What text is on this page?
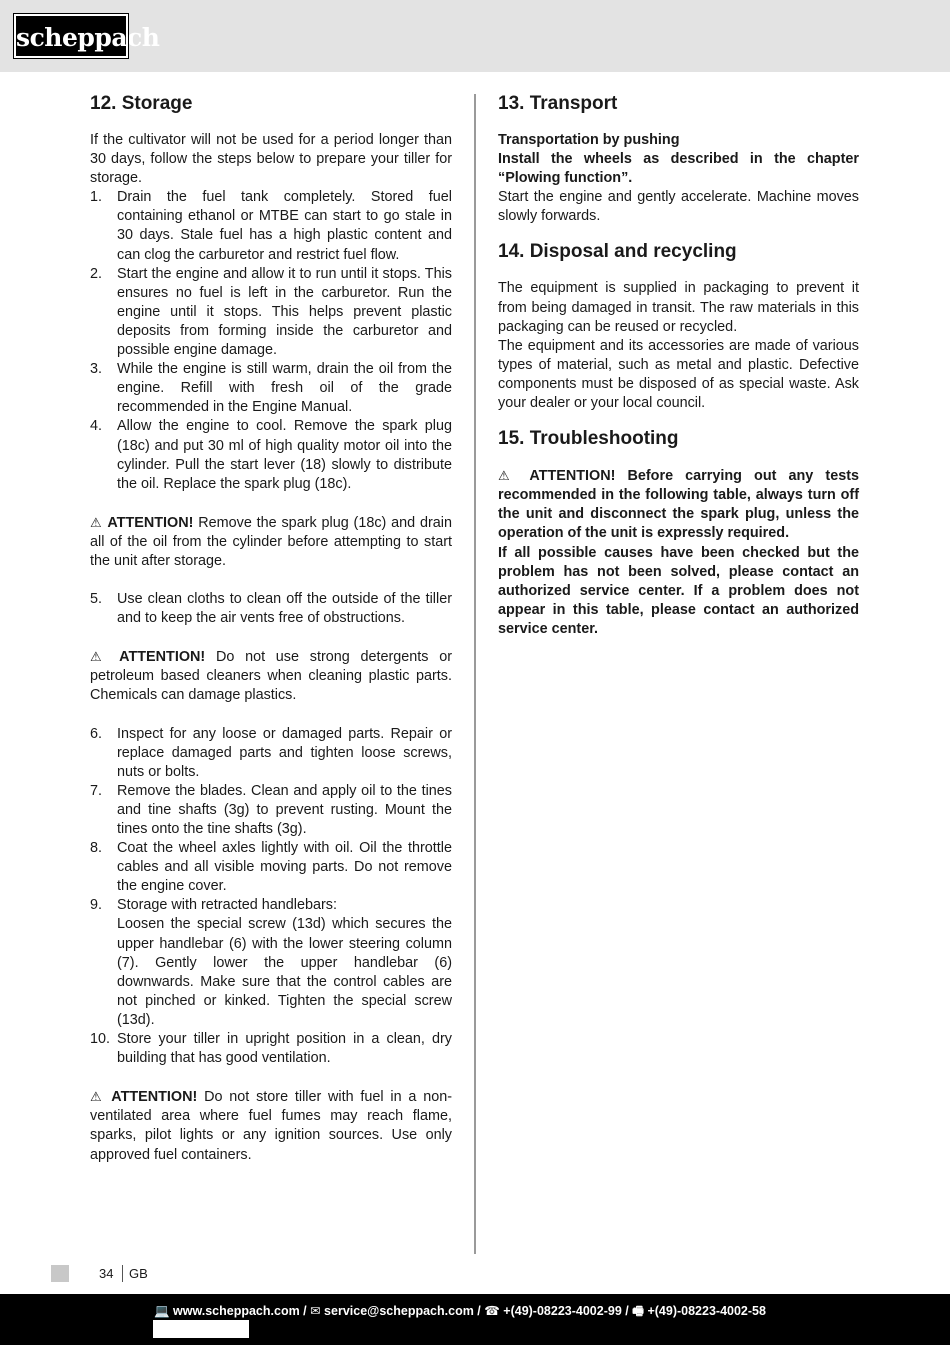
scheppach
12. Storage

If the cultivator will not be used for a period longer than 30 days, follow the steps below to prepare your tiller for storage.

1. Drain the fuel tank completely. Stored fuel containing ethanol or MTBE can start to go stale in 30 days. Stale fuel has a high plastic content and can clog the carburetor and restrict fuel flow.
2. Start the engine and allow it to run until it stops. This ensures no fuel is left in the carburetor. Run the engine until it stops. This helps prevent plastic deposits from forming inside the carburetor and possible engine damage.
3. While the engine is still warm, drain the oil from the engine. Refill with fresh oil of the grade recommended in the Engine Manual.
4. Allow the engine to cool. Remove the spark plug (18c) and put 30 ml of high quality motor oil into the cylinder. Pull the start lever (18) slowly to distribute the oil. Replace the spark plug (18c).

⚠ ATTENTION! Remove the spark plug (18c) and drain all of the oil from the cylinder before attempting to start the unit after storage.

5. Use clean cloths to clean off the outside of the tiller and to keep the air vents free of obstructions.

⚠ ATTENTION! Do not use strong detergents or petroleum based cleaners when cleaning plastic parts. Chemicals can damage plastics.

6. Inspect for any loose or damaged parts. Repair or replace damaged parts and tighten loose screws, nuts or bolts.
7. Remove the blades. Clean and apply oil to the tines and tine shafts (3g) to prevent rusting. Mount the tines onto the tine shafts (3g).
8. Coat the wheel axles lightly with oil. Oil the throttle cables and all visible moving parts. Do not remove the engine cover.
9. Storage with retracted handlebars:
Loosen the special screw (13d) which secures the upper handlebar (6) with the lower steering column (7). Gently lower the upper handlebar (6) downwards. Make sure that the control cables are not pinched or kinked. Tighten the special screw (13d).
10. Store your tiller in upright position in a clean, dry building that has good ventilation.

⚠ ATTENTION! Do not store tiller with fuel in a non-ventilated area where fuel fumes may reach flame, sparks, pilot lights or any ignition sources. Use only approved fuel containers.

13. Transport

Transportation by pushing

Install the wheels as described in the chapter “Plowing function”.

Start the engine and gently accelerate. Machine moves slowly forwards.

14. Disposal and recycling

The equipment is supplied in packaging to prevent it from being damaged in transit. The raw materials in this packaging can be reused or recycled.

The equipment and its accessories are made of various types of material, such as metal and plastic. Defective components must be disposed of as special waste. Ask your dealer or your local council.

15. Troubleshooting

⚠ ATTENTION! Before carrying out any tests recommended in the following table, always turn off the unit and disconnect the spark plug, unless the operation of the unit is expressly required.

If all possible causes have been checked but the problem has not been solved, please contact an authorized service center. If a problem does not appear in this table, please contact an authorized service center.

34 GB
💻 www.scheppach.com / ✉ service@scheppach.com / ☎ +(49)-08223-4002-99 / 🖷 +(49)-08223-4002-58
